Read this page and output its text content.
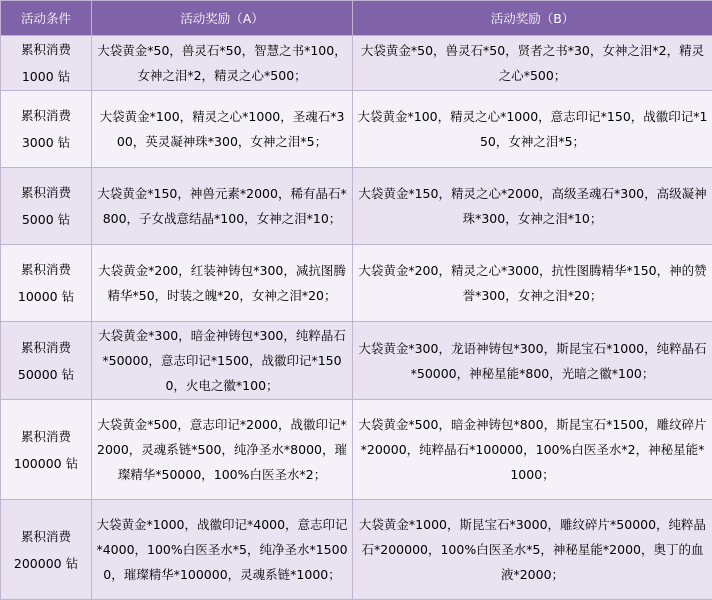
活动条件	活动奖励（A）	活动奖励（B）
累积消费
1000 钻	大袋黄金*50，兽灵石*50，智慧之书*100，女神之泪*2，精灵之心*500；	大袋黄金*50，兽灵石*50，贤者之书*30，女神之泪*2，精灵之心*500；
累积消费
3000 钻	大袋黄金*100，精灵之心*1000，圣魂石*300，英灵凝神珠*300，女神之泪*5；	大袋黄金*100，精灵之心*1000，意志印记*150，战徽印记*150，女神之泪*5；
累积消费
5000 钻	大袋黄金*150，神兽元素*2000，稀有晶石*800，子女战意结晶*100，女神之泪*10；	大袋黄金*150，精灵之心*2000，高级圣魂石*300，高级凝神珠*300，女神之泪*10；
累积消费
10000 钻	大袋黄金*200，红装神铸包*300，减抗图腾精华*50，时装之魄*20，女神之泪*20；	大袋黄金*200，精灵之心*3000，抗性图腾精华*150，神的赞誉*300，女神之泪*20；
累积消费
50000 钻	大袋黄金*300，暗金神铸包*300，纯粹晶石*50000，意志印记*1500，战徽印记*1500，火电之徽*100；	大袋黄金*300，龙语神铸包*300，斯昆宝石*1000，纯粹晶石*50000，神秘星能*800，光暗之徽*100；
累积消费
100000 钻	大袋黄金*500，意志印记*2000，战徽印记*2000，灵魂系链*500，纯净圣水*8000，璀璨精华*50000，100%白医圣水*2；	大袋黄金*500，暗金神铸包*800，斯昆宝石*1500，雕纹碎片*20000，纯粹晶石*100000，100%白医圣水*2，神秘星能*1000；
累积消费
200000 钻	大袋黄金*1000，战徽印记*4000，意志印记*4000，100%白医圣水*5，纯净圣水*15000，璀璨精华*100000，灵魂系链*1000；	大袋黄金*1000，斯昆宝石*3000，雕纹碎片*50000，纯粹晶石*200000，100%白医圣水*5，神秘星能*2000，奥丁的血液*2000；
